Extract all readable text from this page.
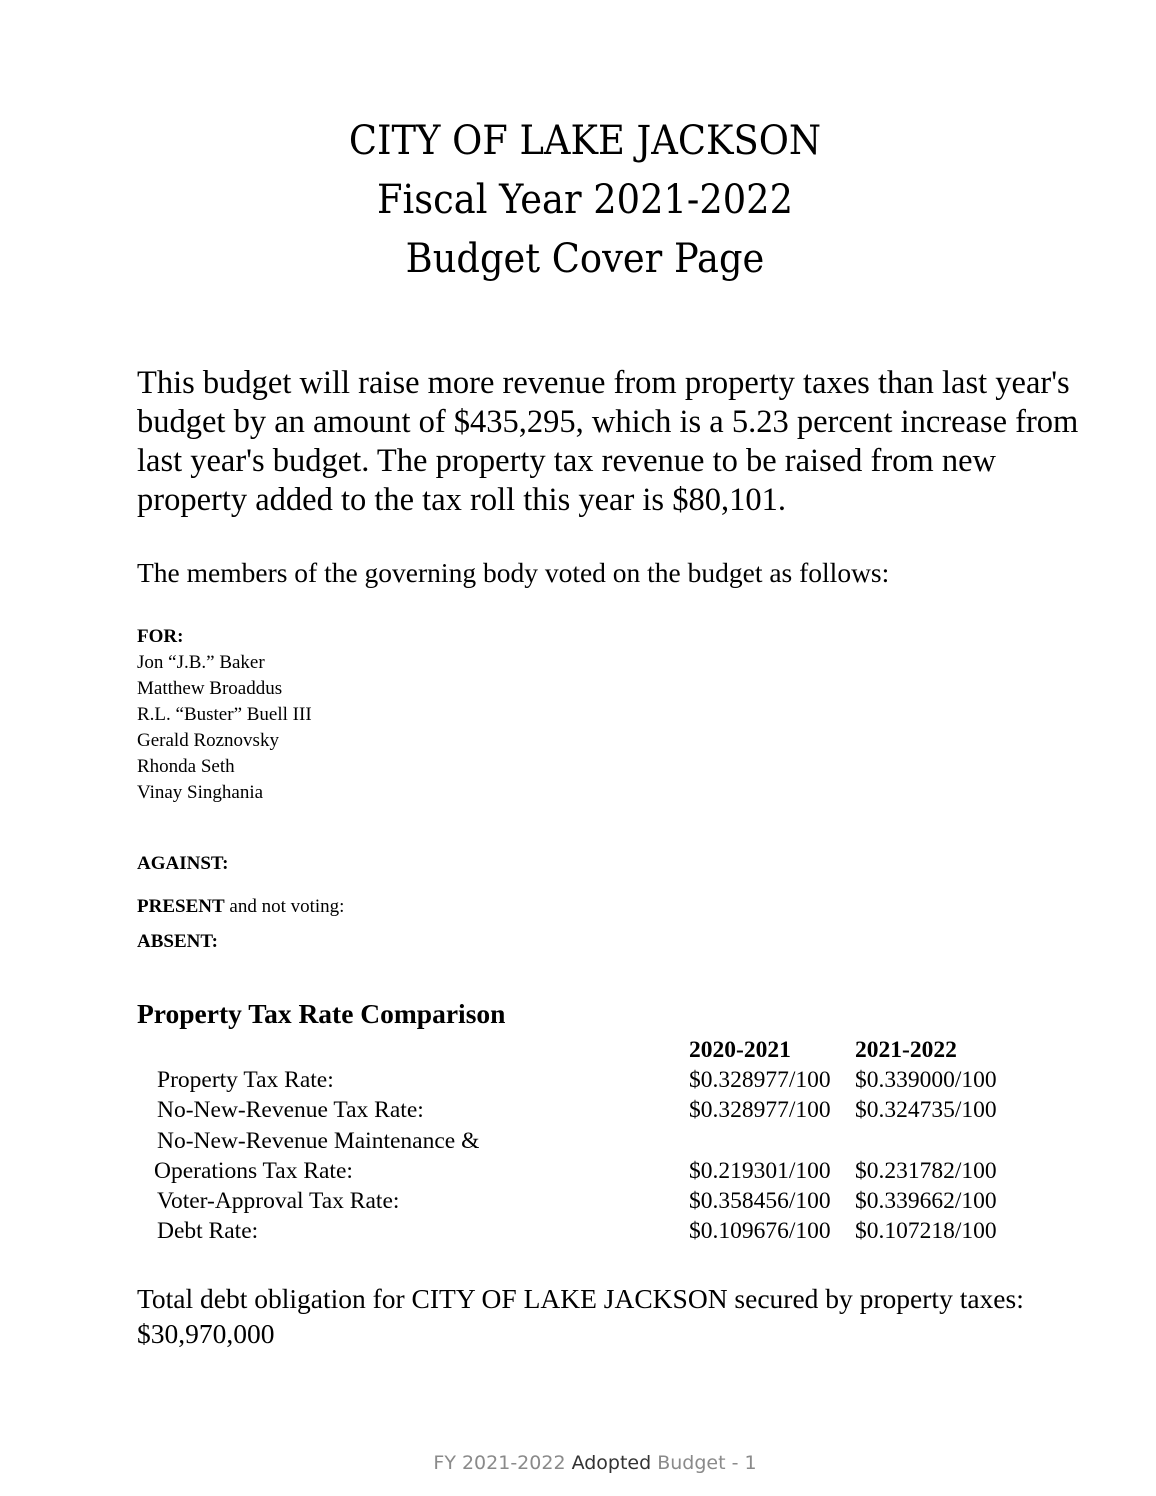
CITY OF LAKE JACKSON
Fiscal Year 2021-2022
Budget Cover Page
This budget will raise more revenue from property taxes than last year's
budget by an amount of $435,295, which is a 5.23 percent increase from
last year's budget. The property tax revenue to be raised from new
property added to the tax roll this year is $80,101.
The members of the governing body voted on the budget as follows:
FOR:
Jon “J.B.” Baker
Matthew Broaddus
R.L. “Buster” Buell III
Gerald Roznovsky
Rhonda Seth
Vinay Singhania
AGAINST:
PRESENT and not voting:
ABSENT:
Property Tax Rate Comparison
2020-2021	2021-2022
Property Tax Rate:	$0.328977/100 $0.339000/100
No-New-Revenue Tax Rate:	$0.328977/100 $0.324735/100
No-New-Revenue Maintenance &
Operations Tax Rate:	$0.219301/100 $0.231782/100
Voter-Approval Tax Rate:	$0.358456/100 $0.339662/100
Debt Rate:	$0.109676/100 $0.107218/100
Total debt obligation for CITY OF LAKE JACKSON secured by property taxes:
$30,970,000
FY 2021-2022 Adopted Budget - 1
